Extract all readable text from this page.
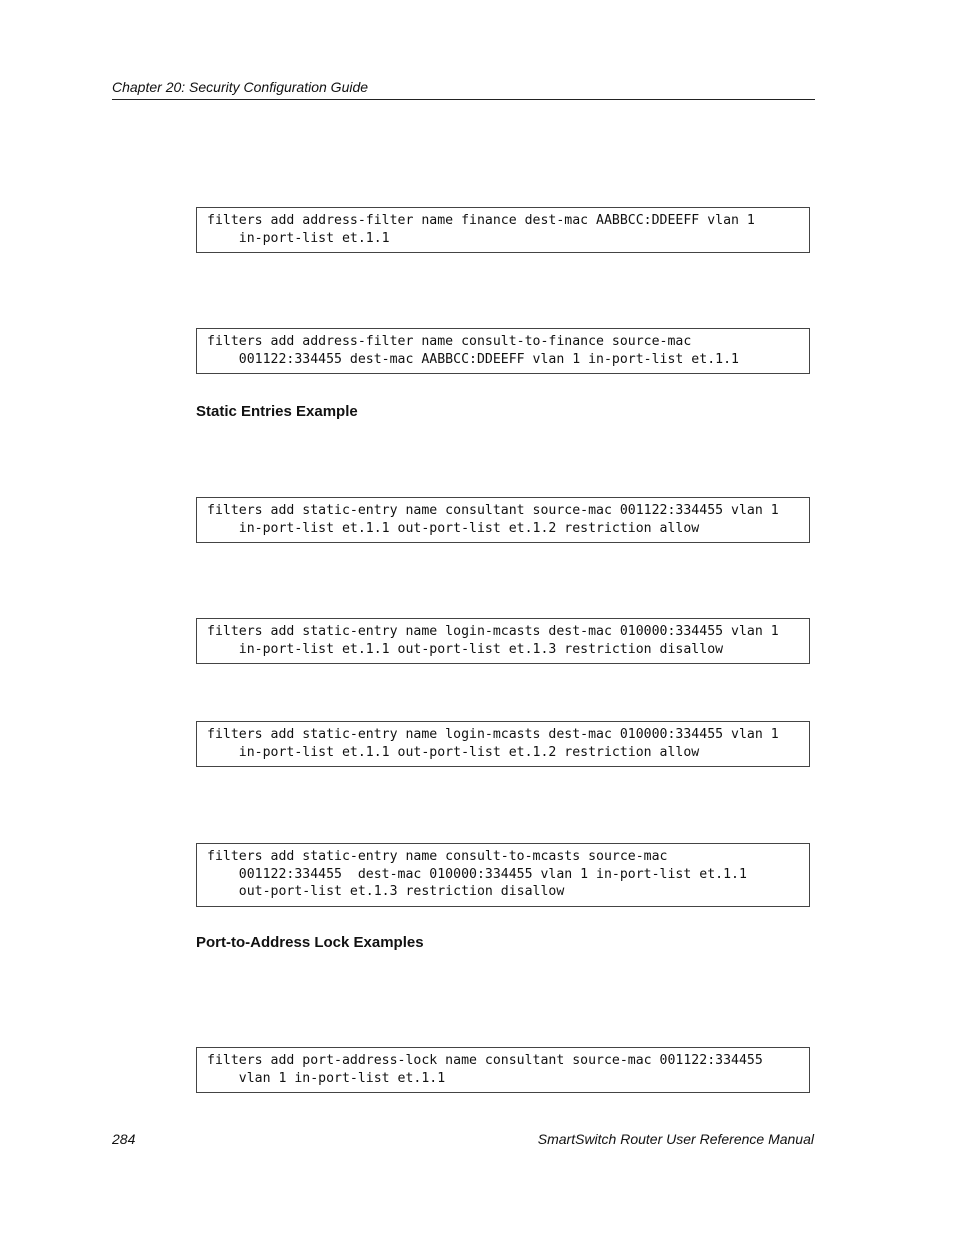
Chapter 20: Security Configuration Guide
filters add address-filter name finance dest-mac AABBCC:DDEEFF vlan 1
in-port-list et.1.1
filters add address-filter name consult-to-finance source-mac
001122:334455 dest-mac AABBCC:DDEEFF vlan 1 in-port-list et.1.1
Static Entries Example
filters add static-entry name consultant source-mac 001122:334455 vlan 1
in-port-list et.1.1 out-port-list et.1.2 restriction allow
filters add static-entry name login-mcasts dest-mac 010000:334455 vlan 1
in-port-list et.1.1 out-port-list et.1.3 restriction disallow
filters add static-entry name login-mcasts dest-mac 010000:334455 vlan 1
in-port-list et.1.1 out-port-list et.1.2 restriction allow
filters add static-entry name consult-to-mcasts source-mac
001122:334455  dest-mac 010000:334455 vlan 1 in-port-list et.1.1
out-port-list et.1.3 restriction disallow
Port-to-Address Lock Examples
filters add port-address-lock name consultant source-mac 001122:334455
vlan 1 in-port-list et.1.1
284	SmartSwitch Router User Reference Manual
